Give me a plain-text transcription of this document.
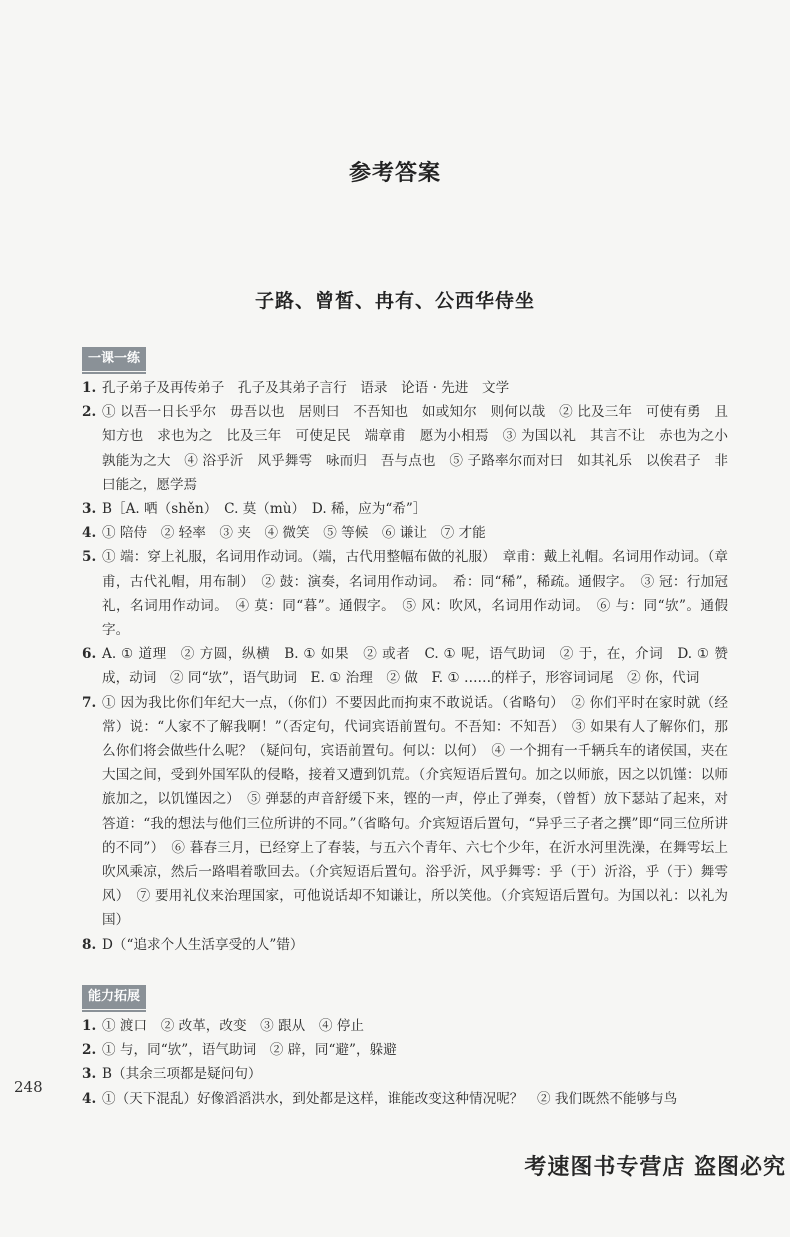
参考答案
子路、曾皙、冉有、公西华侍坐
一课一练
1. 孔子弟子及再传弟子　孔子及其弟子言行　语录　论语 · 先进　文学
2. ① 以吾一日长乎尔　毋吾以也　居则曰　不吾知也　如或知尔　则何以哉　② 比及三年　可使有勇　且知方也　求也为之　比及三年　可使足民　端章甫　愿为小相焉　③ 为国以礼　其言不让　赤也为之小　孰能为之大　④ 浴乎沂　风乎舞雩　咏而归　吾与点也　⑤ 子路率尔而对曰　如其礼乐　以俟君子　非曰能之，愿学焉
3. B［A. 哂（shěn）　C. 莫（mù）　D. 稀，应为“希”］
4. ① 陪侍　② 轻率　③ 夹　④ 微笑　⑤ 等候　⑥ 谦让　⑦ 才能
5. ① 端：穿上礼服，名词用作动词。（端，古代用整幅布做的礼服）　章甫：戴上礼帽。名词用作动词。（章甫，古代礼帽，用布制）　② 鼓：演奏，名词用作动词。　希：同“稀”，稀疏。通假字。　③ 冠：行加冠礼，名词用作动词。　④ 莫：同“暮”。通假字。　⑤ 风：吹风，名词用作动词。　⑥ 与：同“欤”。通假字。
6. A. ① 道理　② 方圆，纵横　B. ① 如果　② 或者　C. ① 呢，语气助词　② 于，在，介词　D. ① 赞成，动词　② 同“欤”，语气助词　E. ① 治理　② 做　F. ① ……的样子，形容词词尾　② 你，代词
7. ① 因为我比你们年纪大一点，（你们）不要因此而拘束不敢说话。（省略句）　② 你们平时在家时就（经常）说：“人家不了解我啊！”（否定句，代词宾语前置句。不吾知：不知吾）　③ 如果有人了解你们，那么你们将会做些什么呢？（疑问句，宾语前置句。何以：以何）　④ 一个拥有一千辆兵车的诸侯国，夹在大国之间，受到外国军队的侵略，接着又遭到饥荒。（介宾短语后置句。加之以师旅，因之以饥馑：以师旅加之，以饥馑因之）　⑤ 弹瑟的声音舒缓下来，铿的一声，停止了弹奏，（曾皙）放下瑟站了起来，对答道：“我的想法与他们三位所讲的不同。”（省略句。介宾短语后置句，“异乎三子者之撰”即“同三位所讲的不同”）　⑥ 暮春三月，已经穿上了春装，与五六个青年、六七个少年，在沂水河里洗澡，在舞雩坛上吹风乘凉，然后一路唱着歌回去。（介宾短语后置句。浴乎沂，风乎舞雩：乎（于）沂浴，乎（于）舞雩风）　⑦ 要用礼仪来治理国家，可他说话却不知谦让，所以笑他。（介宾短语后置句。为国以礼：以礼为国）
8. D（“追求个人生活享受的人”错）
能力拓展
1. ① 渡口　② 改革，改变　③ 跟从　④ 停止
2. ① 与，同“欤”，语气助词　② 辟，同“避”，躲避
3. B（其余三项都是疑问句）
4. ①（天下混乱）好像滔滔洪水，到处都是这样，谁能改变这种情况呢？　② 我们既然不能够与鸟
248
考速图书专营店 盗图必究
